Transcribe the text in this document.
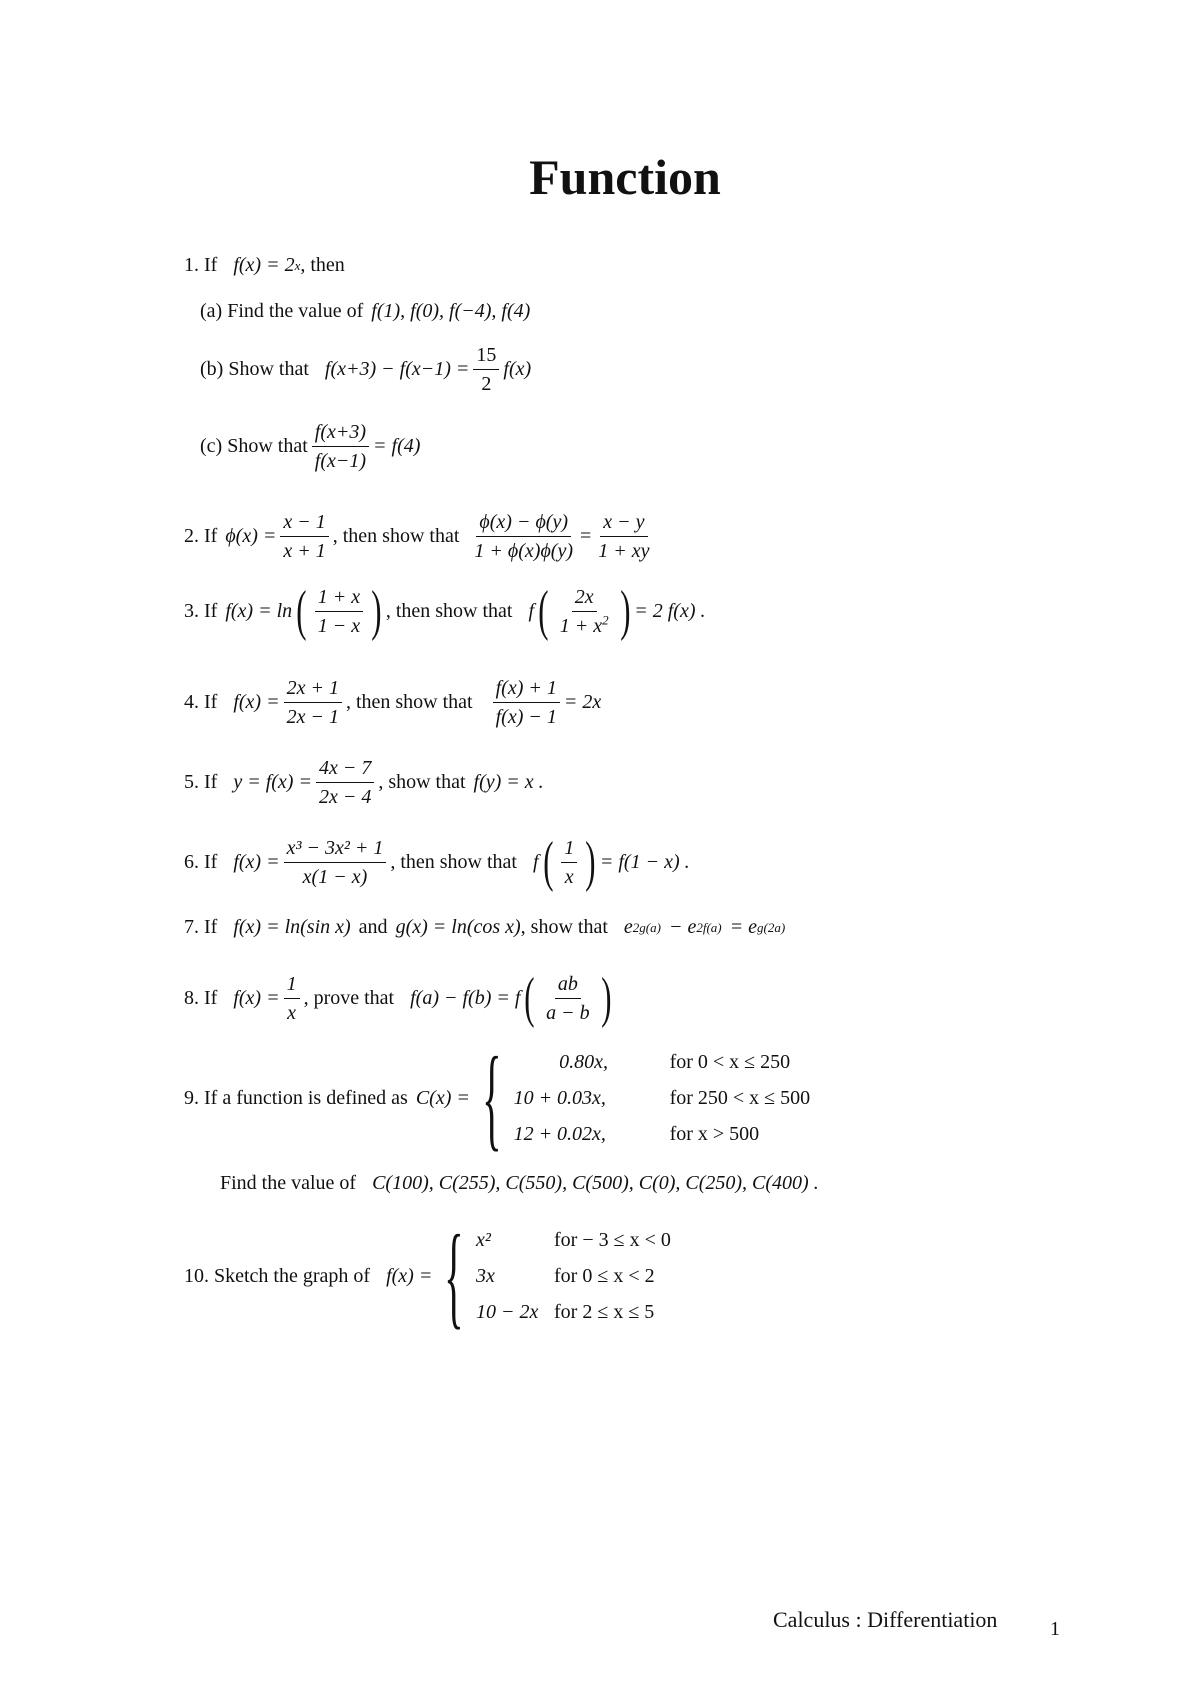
Function
1. If f(x) = 2 x , then
(a) Find the value of f(1), f(0), f(−4), f(4)
(b) Show that $f(x+3) - f(x-1) = \frac{15}{2} f(x)$
(c) Show that $\frac{f(x+3)}{f(x-1)} = f(4)$
2. If $\phi(x) = \frac{x - 1}{x + 1}$ , then show that $\frac{\phi(x) - \phi(y)}{1 + \phi(x)\phi(y)} = \frac{x - y}{1 + xy}$
3. If f(x) = ln ( $\frac{1 + x}{1 - x}$ ) , then show that f ( $\frac{2x}{1 + x^2}$ ) = 2 f(x) .
4. If $f(x) = \frac{2x + 1}{2x - 1}$ , then show that $\frac{f(x) + 1}{f(x) - 1} = 2x$
5. If $y = f(x) = \frac{4x - 7}{2x - 4}$ , show that f(y) = x .
6. If $f(x) = \frac{\text{x³ − 3x² + 1}}{x(1 - x)}$ , then show that f ( $\frac{1}{x}$ ) = f(1 − x) .
7. If f(x) = ln(sin x) and g(x) = ln(cos x) , show that e 2g(a) − e 2f(a) = e g(2a)
8. If $f(x) = \frac{1}{x}$ , prove that f(a) − f(b) = f ( $\frac{ab}{a - b}$ )
9. If a function is defined as C(x) = {	0.80x,	for 0 < x ≤ 250
10 + 0.03x,	for 250 < x ≤ 500
12 + 0.02x,	for x > 500
Find the value of C(100), C(255), C(550), C(500), C(0), C(250), C(400) .
10. Sketch the graph of f(x) = { x²	for − 3 ≤ x < 0
3x	for 0 ≤ x < 2
10 − 2x for 2 ≤ x ≤ 5
Calculus : Differentiation	1
